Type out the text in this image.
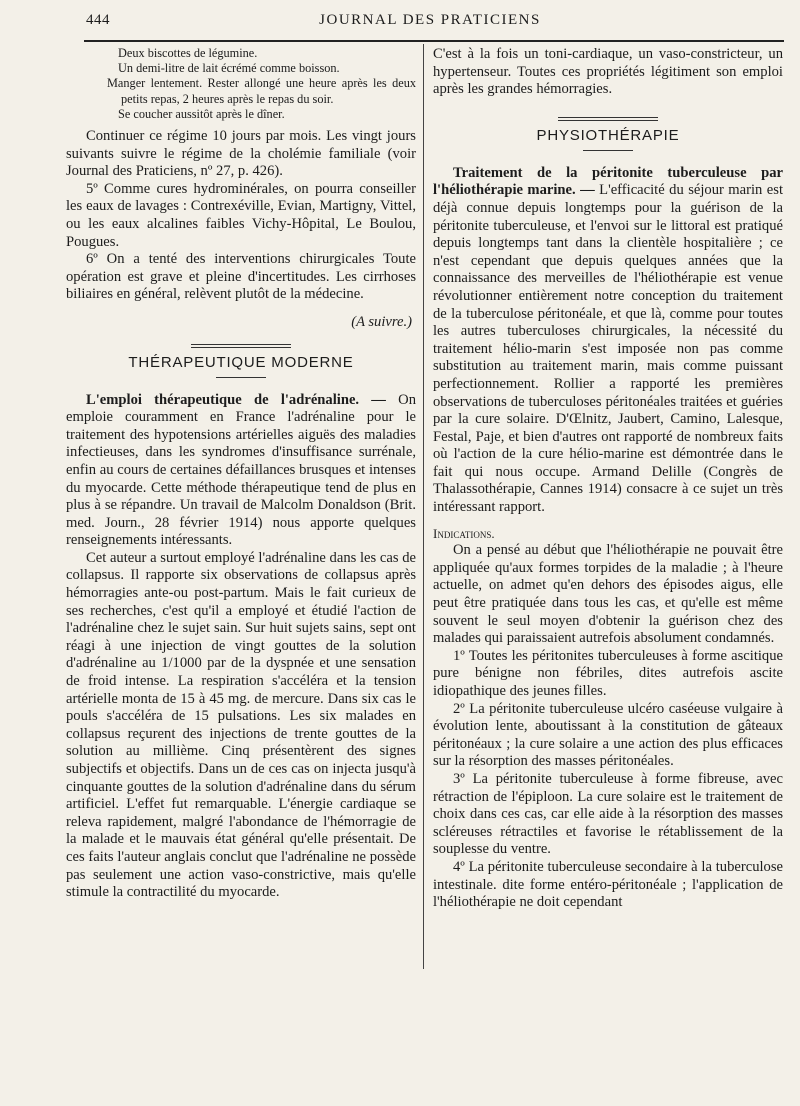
444	JOURNAL DES PRATICIENS

Deux biscottes de légumine.

Un demi-litre de lait écrémé comme boisson.

Manger lentement. Rester allongé une heure après les deux petits repas, 2 heures après le repas du soir.

Se coucher aussitôt après le dîner.

Continuer ce régime 10 jours par mois. Les vingt jours suivants suivre le régime de la cholémie familiale (voir Journal des Praticiens, nº 27, p. 426).

5º Comme cures hydrominérales, on pourra conseiller les eaux de lavages : Contrexéville, Evian, Martigny, Vittel, ou les eaux alcalines faibles Vichy-Hôpital, Le Boulou, Pougues.

6º On a tenté des interventions chirurgicales Toute opération est grave et pleine d'incertitudes. Les cirrhoses biliaires en général, relèvent plutôt de la médecine.

(A suivre.)

THÉRAPEUTIQUE MODERNE

L'emploi thérapeutique de l'adrénaline. — On emploie couramment en France l'adrénaline pour le traitement des hypotensions artérielles aiguës des maladies infectieuses, dans les syndromes d'insuffisance surrénale, enfin au cours de certaines défaillances brusques et intenses du myocarde. Cette méthode thérapeutique tend de plus en plus à se répandre. Un travail de Malcolm Donaldson (Brit. med. Journ., 28 février 1914) nous apporte quelques renseignements intéressants.

Cet auteur a surtout employé l'adrénaline dans les cas de collapsus. Il rapporte six observations de collapsus après hémorragies ante-ou post-partum. Mais le fait curieux de ses recherches, c'est qu'il a employé et étudié l'action de l'adrénaline chez le sujet sain. Sur huit sujets sains, sept ont réagi à une injection de vingt gouttes de la solution d'adrénaline au 1/1000 par de la dyspnée et une sensation de froid intense. La respiration s'accéléra et la tension artérielle monta de 15 à 45 mg. de mercure. Dans six cas le pouls s'accéléra de 15 pulsations. Les six malades en collapsus reçurent des injections de trente gouttes de la solution au millième. Cinq présentèrent des signes subjectifs et objectifs. Dans un de ces cas on injecta jusqu'à cinquante gouttes de la solution d'adrénaline dans du sérum artificiel. L'effet fut remarquable. L'énergie cardiaque se releva rapidement, malgré l'abondance de l'hémorragie de la malade et le mauvais état général qu'elle présentait. De ces faits l'auteur anglais conclut que l'adrénaline ne possède pas seulement une action vaso-constrictive, mais qu'elle stimule la contractilité du myocarde.

C'est à la fois un toni-cardiaque, un vaso-constricteur, un hypertenseur. Toutes ces propriétés légitiment son emploi après les grandes hémorragies.

PHYSIOTHÉRAPIE

Traitement de la péritonite tuberculeuse par l'héliothérapie marine. — L'efficacité du séjour marin est déjà connue depuis longtemps pour la guérison de la péritonite tuberculeuse, et l'envoi sur le littoral est pratiqué depuis longtemps tant dans la clientèle hospitalière ; ce n'est cependant que depuis quelques années que la connaissance des merveilles de l'héliothérapie est venue révolutionner entièrement notre conception du traitement de la tuberculose péritonéale, et que là, comme pour toutes les autres tuberculoses chirurgicales, la nécessité du traitement hélio-marin s'est imposée non pas comme substitution au traitement marin, mais comme puissant perfectionnement. Rollier a rapporté les premières observations de tuberculoses péritonéales traitées et guéries par la cure solaire. D'Œlnitz, Jaubert, Camino, Lalesque, Festal, Paje, et bien d'autres ont rapporté de nombreux faits où l'action de la cure hélio-marine est démontrée dans le fait qui nous occupe. Armand Delille (Congrès de Thalassothérapie, Cannes 1914) consacre à ce sujet un très intéressant rapport.

Indications.

On a pensé au début que l'héliothérapie ne pouvait être appliquée qu'aux formes torpides de la maladie ; à l'heure actuelle, on admet qu'en dehors des épisodes aigus, elle peut être pratiquée dans tous les cas, et qu'elle est même souvent le seul moyen d'obtenir la guérison chez des malades qui paraissaient autrefois absolument condamnés.

1º Toutes les péritonites tuberculeuses à forme ascitique pure bénigne non fébriles, dites autrefois ascite idiopathique des jeunes filles.

2º La péritonite tuberculeuse ulcéro caséeuse vulgaire à évolution lente, aboutissant à la constitution de gâteaux péritonéaux ; la cure solaire a une action des plus efficaces sur la résorption des masses péritonéales.

3º La péritonite tuberculeuse à forme fibreuse, avec rétraction de l'épiploon. La cure solaire est le traitement de choix dans ces cas, car elle aide à la résorption des masses scléreuses rétractiles et favorise le rétablissement de la souplesse du ventre.

4º La péritonite tuberculeuse secondaire à la tuberculose intestinale. dite forme entéro-péritonéale ; l'application de l'héliothérapie ne doit cependant
